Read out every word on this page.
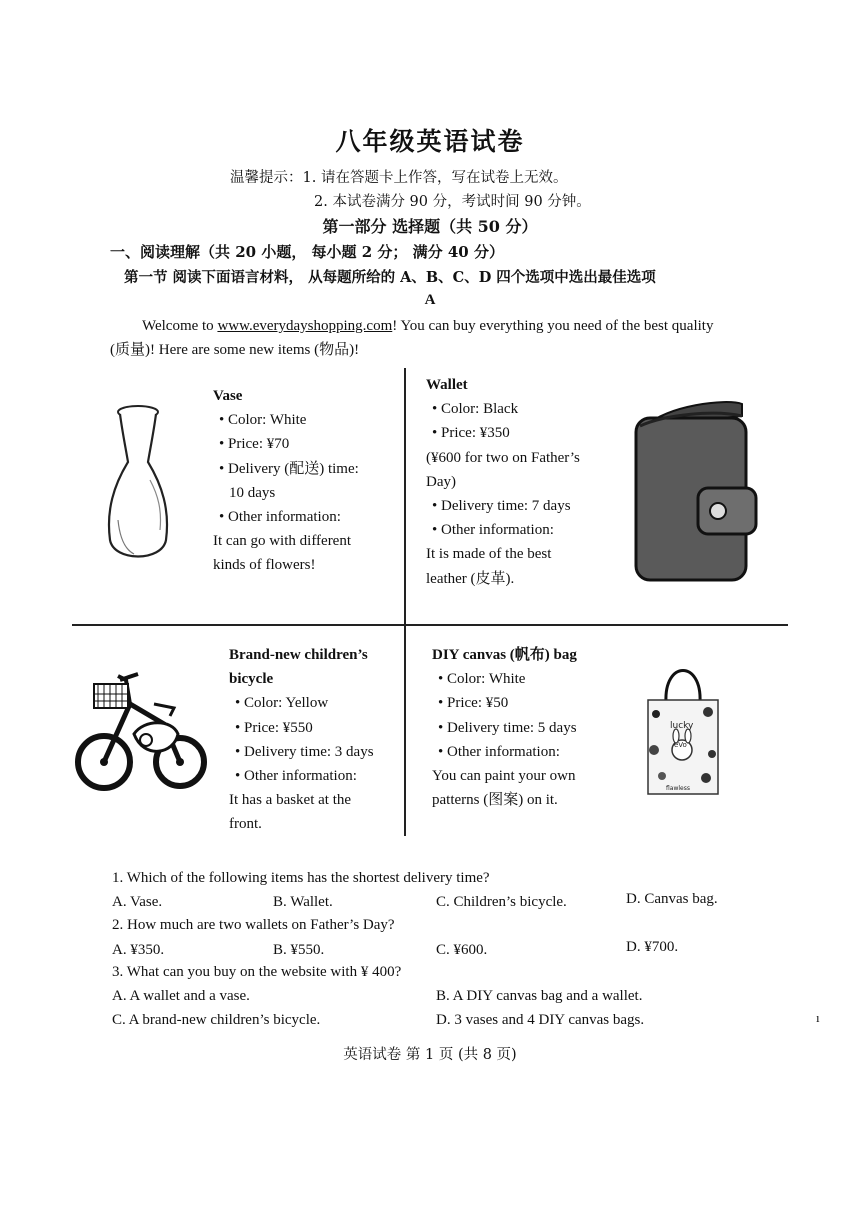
八年级英语试卷
温馨提示：1. 请在答题卡上作答，写在试卷上无效。
2. 本试卷满分 90 分，考试时间 90 分钟。
第一部分 选择题（共 50 分）
一、阅读理解（共 20 小题， 每小题 2 分； 满分 40 分）
第一节 阅读下面语言材料， 从每题所给的 A、B、C、D 四个选项中选出最佳选项
A
Welcome to www.everydayshopping.com! You can buy everything you need of the best quality (质量)! Here are some new items (物品)!
Vase
• Color: White
• Price: ¥70
• Delivery (配送) time:
10 days
• Other information:
It can go with different
kinds of flowers!
Wallet
• Color: Black
• Price: ¥350
(¥600 for two on Father’s
Day)
• Delivery time: 7 days
• Other information:
It is made of the best
leather (皮革).
Brand-new children’s
bicycle
• Color: Yellow
• Price: ¥550
• Delivery time: 3 days
• Other information:
It has a basket at the
front.
DIY canvas (帆布) bag
• Color: White
• Price: ¥50
• Delivery time: 5 days
• Other information:
You can paint your own
patterns (图案) on it.
lucky
eVo
flawless
1. Which of the following items has the shortest delivery time?
A. Vase.	B. Wallet.	C. Children’s bicycle.	D. Canvas bag.
2. How much are two wallets on Father’s Day?
A. ¥350.	B. ¥550.	C. ¥600.	D. ¥700.
3. What can you buy on the website with ¥ 400?
A. A wallet and a vase.	B. A DIY canvas bag and a wallet.
C. A brand-new children’s bicycle.	D. 3 vases and 4 DIY canvas bags.	ı
英语试卷 第 1 页 (共 8 页)
